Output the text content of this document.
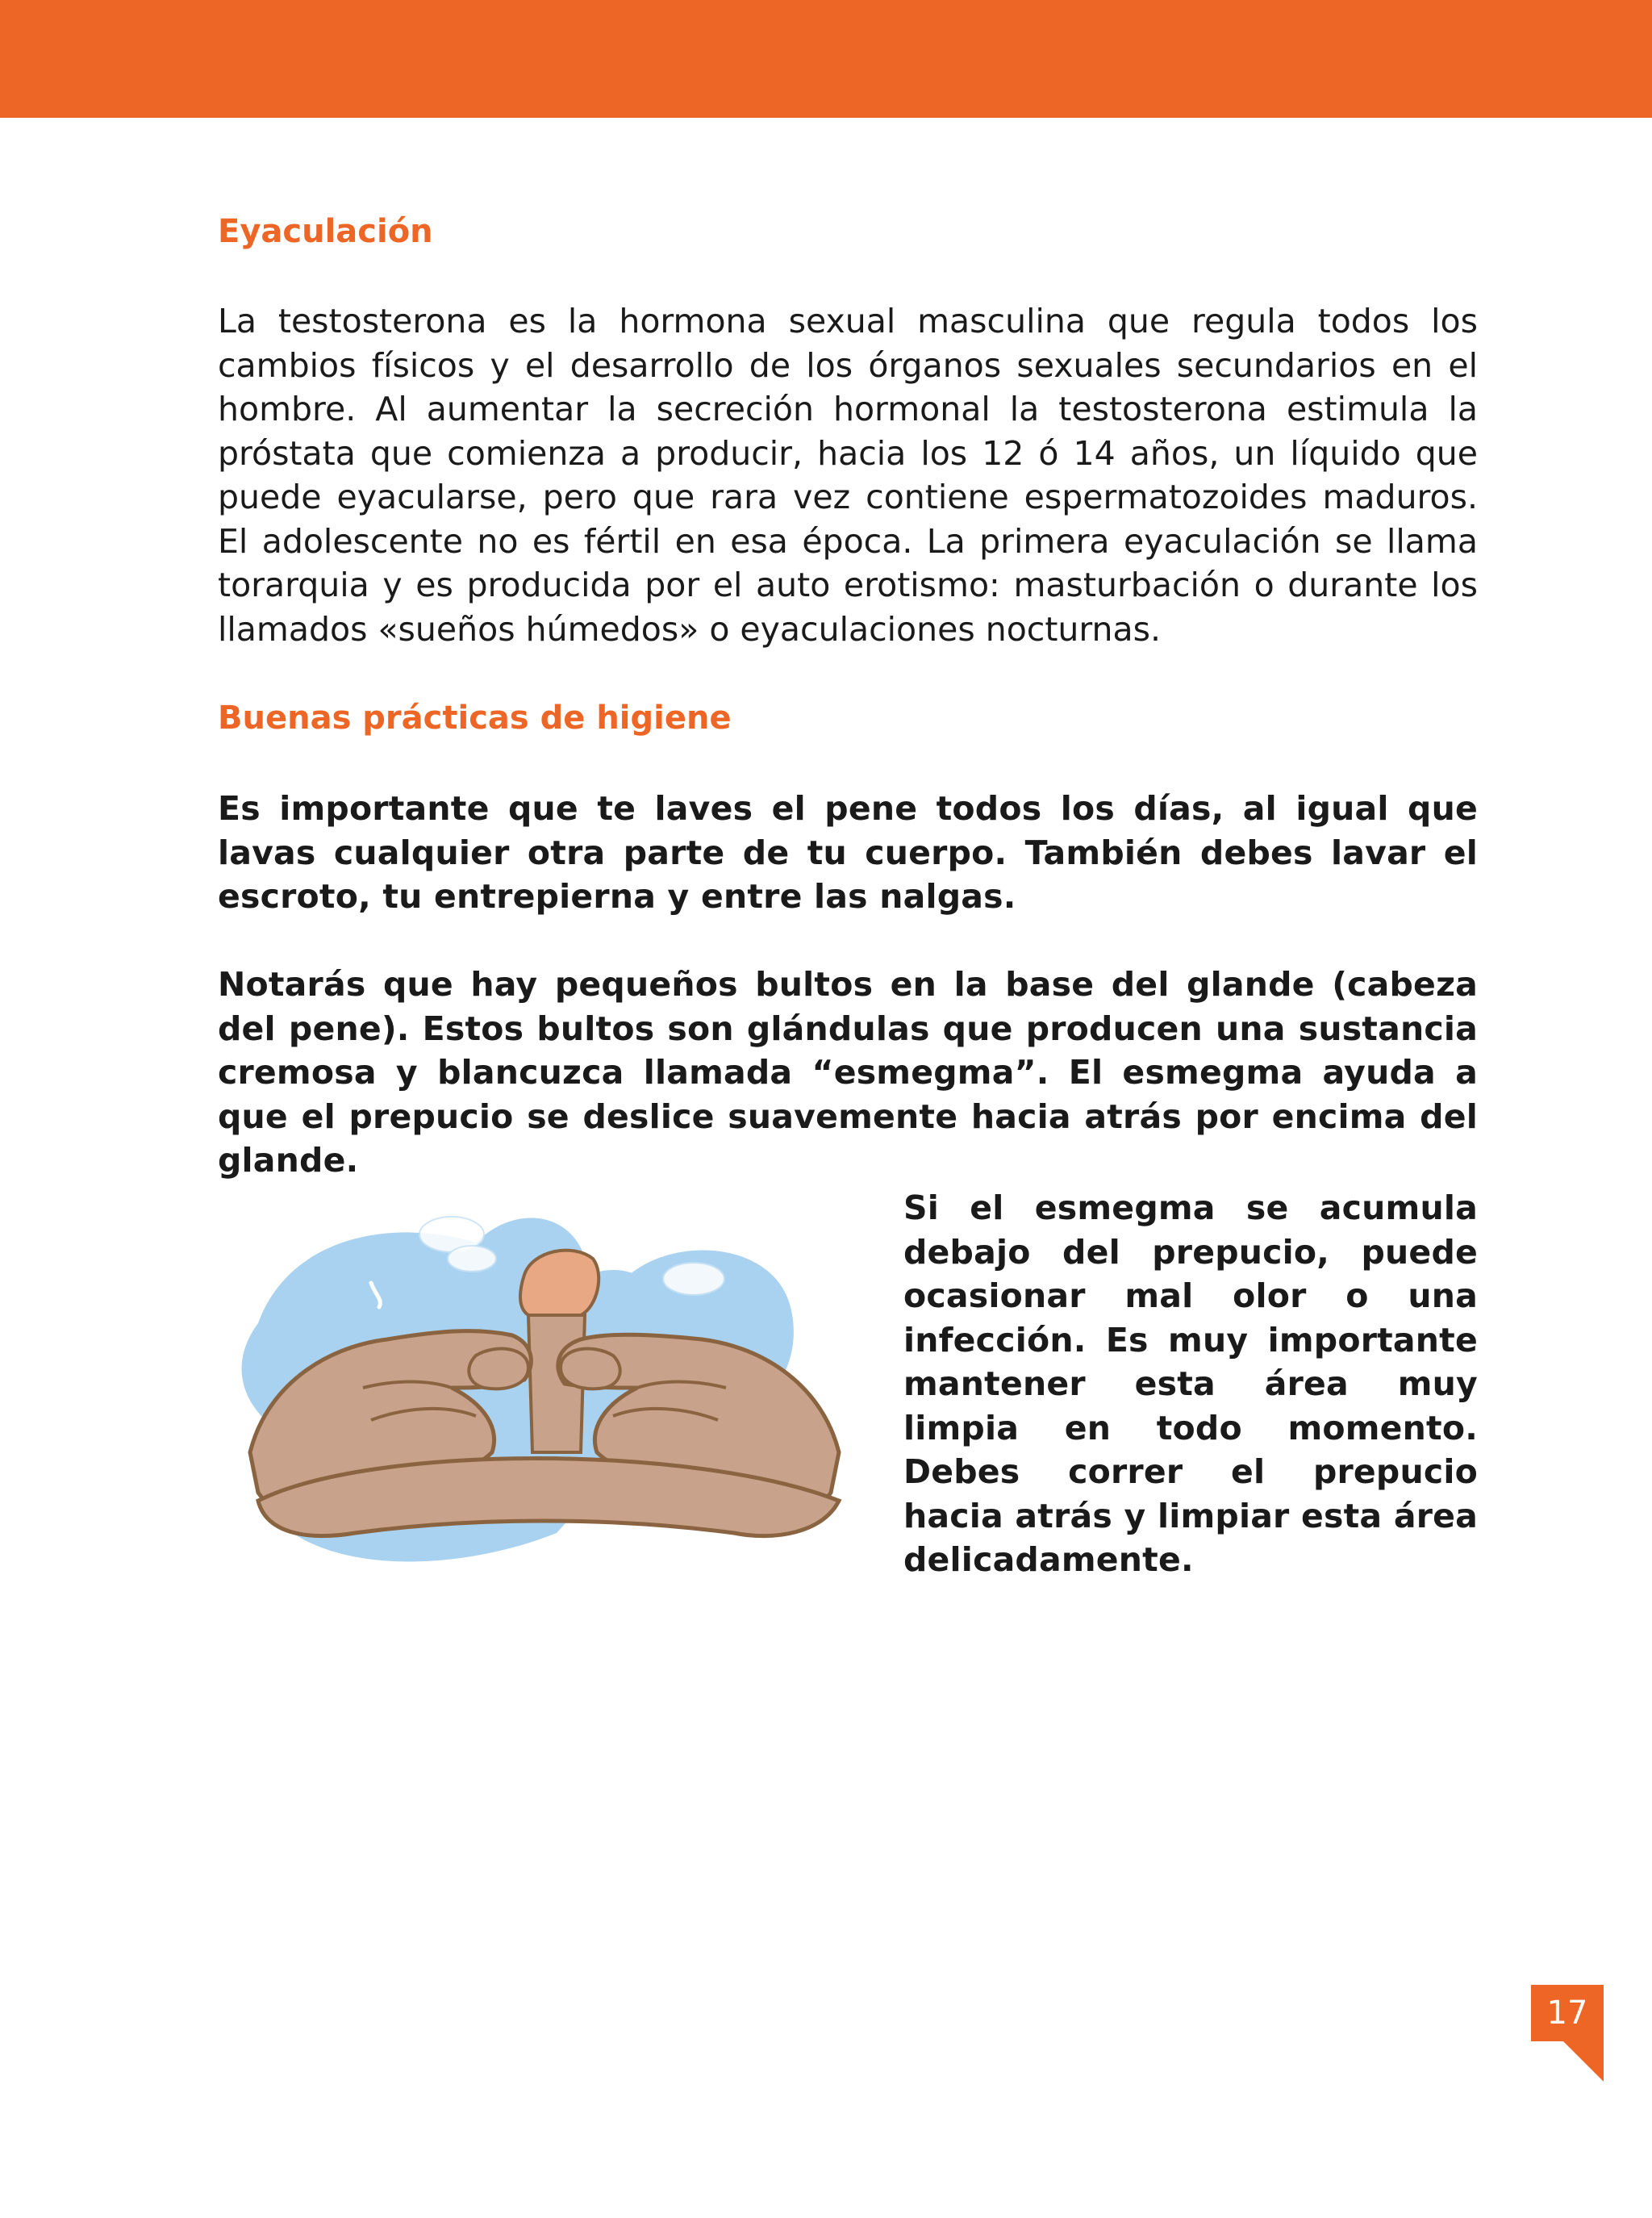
Eyaculación

La testosterona es la hormona sexual masculina que regula todos los cambios físicos y el desarrollo de los órganos sexuales secundarios en el hombre. Al aumentar la secreción hormonal la testosterona estimula la próstata que comienza a producir, hacia los 12 ó 14 años, un líquido que puede eyacularse, pero que rara vez contiene espermatozoides maduros. El adolescente no es fértil en esa época. La primera eyaculación se llama torarquia y es producida por el auto erotismo: masturbación o durante los llamados «sueños húmedos» o eyaculaciones nocturnas.

Buenas prácticas de higiene

Es importante que te laves el pene todos los días, al igual que lavas cualquier otra parte de tu cuerpo. También debes lavar el escroto, tu entrepierna y entre las nalgas.

Notarás que hay pequeños bultos en la base del glande (cabeza del pene). Estos bultos son glándulas que producen una sustancia cremosa y blancuzca llamada “esmegma”. El esmegma ayuda a que el prepucio se deslice suavemente hacia atrás por encima del glande.

Si el esmegma se acumula debajo del prepucio, puede ocasionar mal olor o una infección. Es muy importante mantener esta área muy limpia en todo momento. Debes correr el prepucio hacia atrás y limpiar esta área delicadamente.

17
